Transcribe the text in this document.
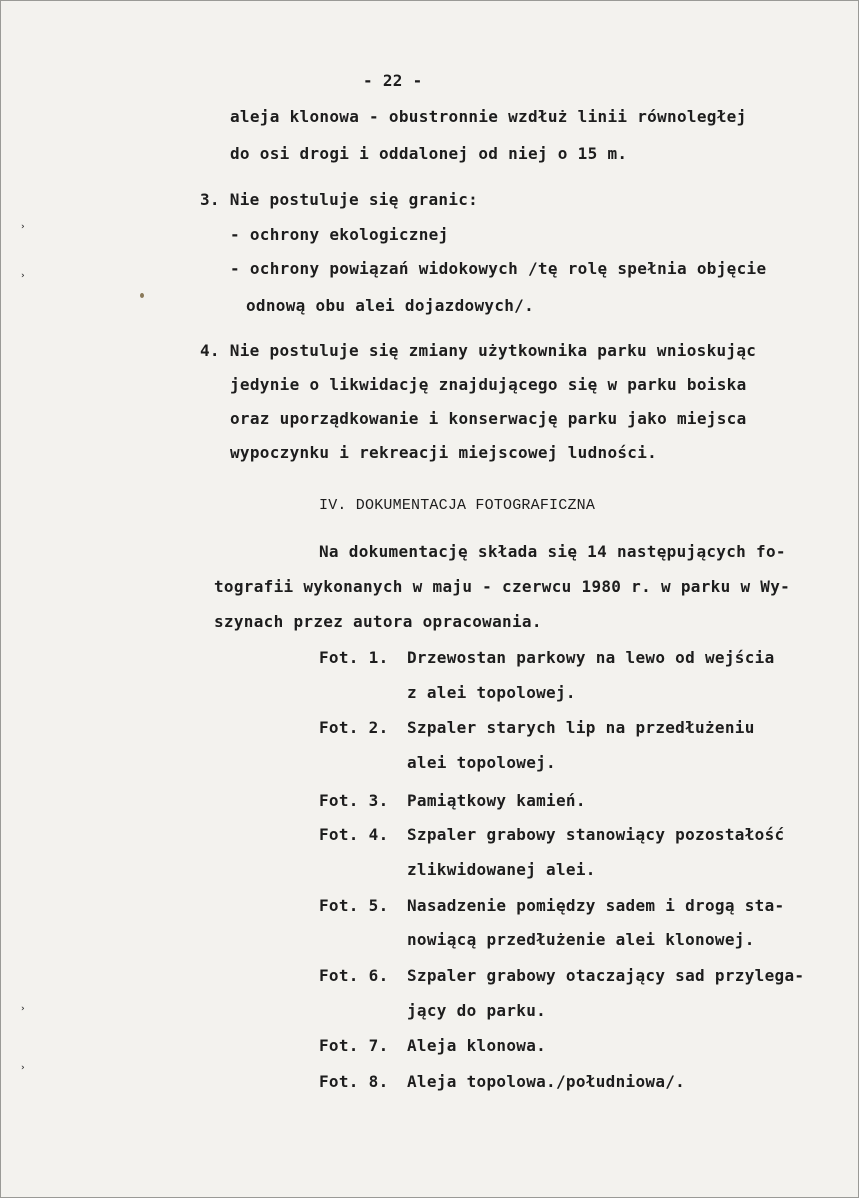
- 22 -
aleja klonowa - obustronnie wzdłuż linii równoległej
do osi drogi i oddalonej od niej o 15 m.
3. Nie postuluje się granic:
- ochrony ekologicznej
- ochrony powiązań widokowych /tę rolę spełnia objęcie
odnową obu alei dojazdowych/.
4. Nie postuluje się zmiany użytkownika parku wnioskując
jedynie o likwidację znajdującego się w parku boiska
oraz uporządkowanie i konserwację parku jako miejsca
wypoczynku i rekreacji miejscowej ludności.
IV. DOKUMENTACJA FOTOGRAFICZNA
Na dokumentację składa się 14 następujących fo-
tografii wykonanych w maju - czerwcu 1980 r. w parku w Wy-
szynach przez autora opracowania.
Fot. 1. Drzewostan parkowy na lewo od wejścia
z alei topolowej.
Fot. 2. Szpaler starych lip na przedłużeniu
alei topolowej.
Fot. 3. Pamiątkowy kamień.
Fot. 4. Szpaler grabowy stanowiący pozostałość
zlikwidowanej alei.
Fot. 5. Nasadzenie pomiędzy sadem i drogą sta-
nowiącą przedłużenie alei klonowej.
Fot. 6. Szpaler grabowy otaczający sad przylega-
jący do parku.
Fot. 7. Aleja klonowa.
Fot. 8. Aleja topolowa./południowa/.
›
›
›
›
